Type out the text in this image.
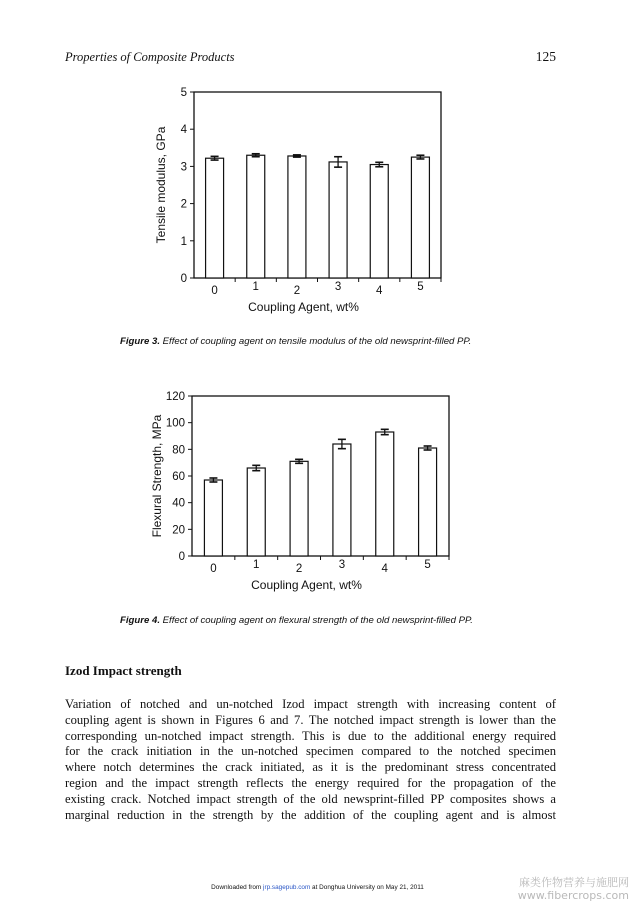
Properties of Composite Products	125
0
1
2
3
4
5
0	1	2	3	4	5
Coupling Agent, wt%
Tensile modulus, GPa
Figure 3. Effect of coupling agent on tensile modulus of the old newsprint-filled PP.
0
20
40
60
80
100
120
0	1	2	3	4	5
Coupling Agent, wt%
Flexural Strength, MPa
Figure 4. Effect of coupling agent on flexural strength of the old newsprint-filled PP.
Izod Impact strength
Variation of notched and un-notched Izod impact strength with increasing content of
coupling agent is shown in Figures 6 and 7. The notched impact strength is lower than the
corresponding un-notched impact strength. This is due to the additional energy required
for the crack initiation in the un-notched specimen compared to the notched specimen
where notch determines the crack initiated, as it is the predominant stress concentrated
region and the impact strength reflects the energy required for the propagation of the
existing crack. Notched impact strength of the old newsprint-filled PP composites shows a
marginal reduction in the strength by the addition of the coupling agent and is almost
Downloaded from jrp.sagepub.com at Donghua University on May 21, 2011	麻类作物营养与施肥网
www.fibercrops.com
